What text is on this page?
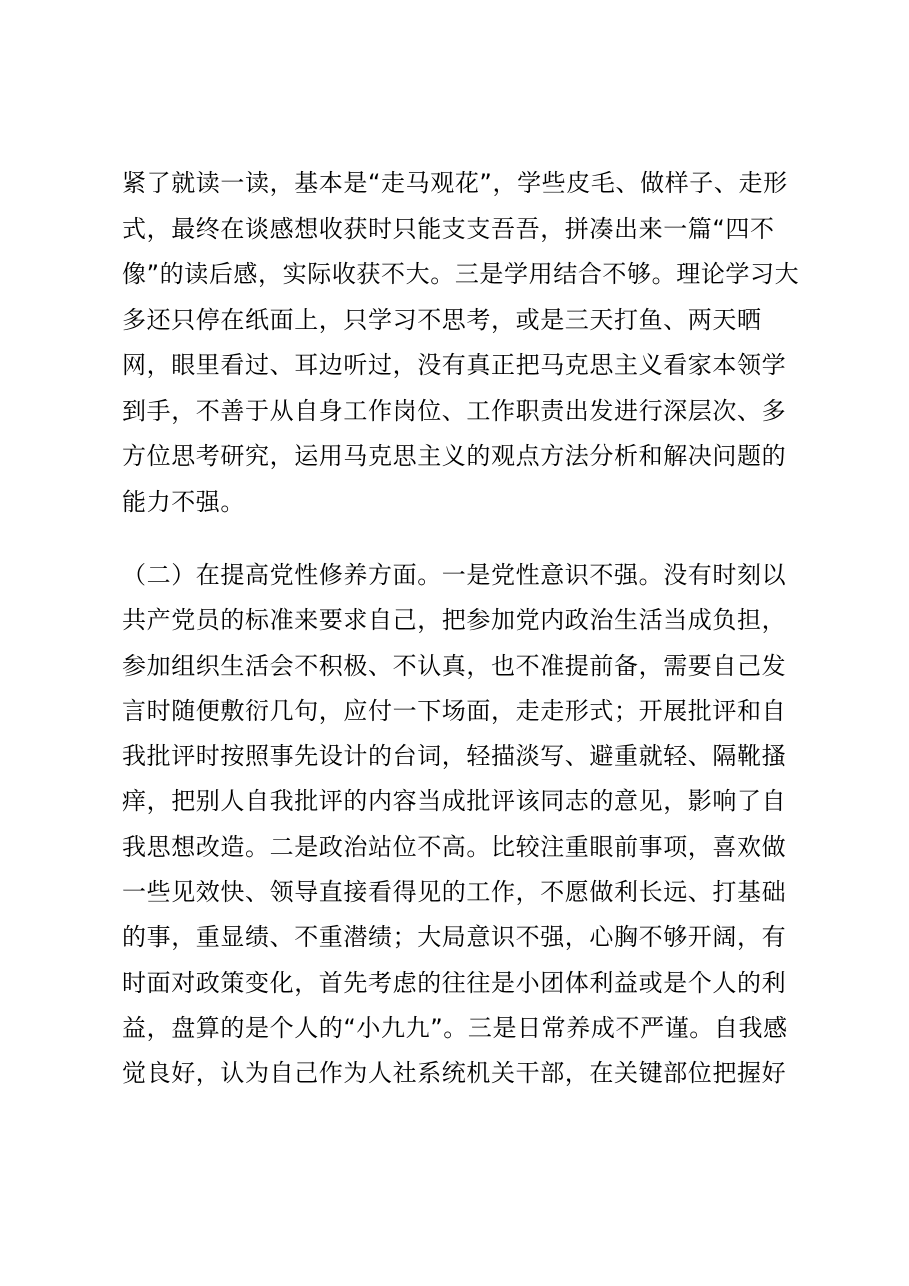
紧了就读一读，基本是“走马观花”，学些皮毛、做样子、走形
式，最终在谈感想收获时只能支支吾吾，拼凑出来一篇“四不
像”的读后感，实际收获不大。三是学用结合不够。理论学习大
多还只停在纸面上，只学习不思考，或是三天打鱼、两天晒
网，眼里看过、耳边听过，没有真正把马克思主义看家本领学
到手，不善于从自身工作岗位、工作职责出发进行深层次、多
方位思考研究，运用马克思主义的观点方法分析和解决问题的
能力不强。
（二）在提高党性修养方面。一是党性意识不强。没有时刻以
共产党员的标准来要求自己，把参加党内政治生活当成负担，
参加组织生活会不积极、不认真，也不准提前备，需要自己发
言时随便敷衍几句，应付一下场面，走走形式；开展批评和自
我批评时按照事先设计的台词，轻描淡写、避重就轻、隔靴搔
痒，把别人自我批评的内容当成批评该同志的意见，影响了自
我思想改造。二是政治站位不高。比较注重眼前事项，喜欢做
一些见效快、领导直接看得见的工作，不愿做利长远、打基础
的事，重显绩、不重潜绩；大局意识不强，心胸不够开阔，有
时面对政策变化，首先考虑的往往是小团体利益或是个人的利
益，盘算的是个人的“小九九”。三是日常养成不严谨。自我感
觉良好，认为自己作为人社系统机关干部，在关键部位把握好
